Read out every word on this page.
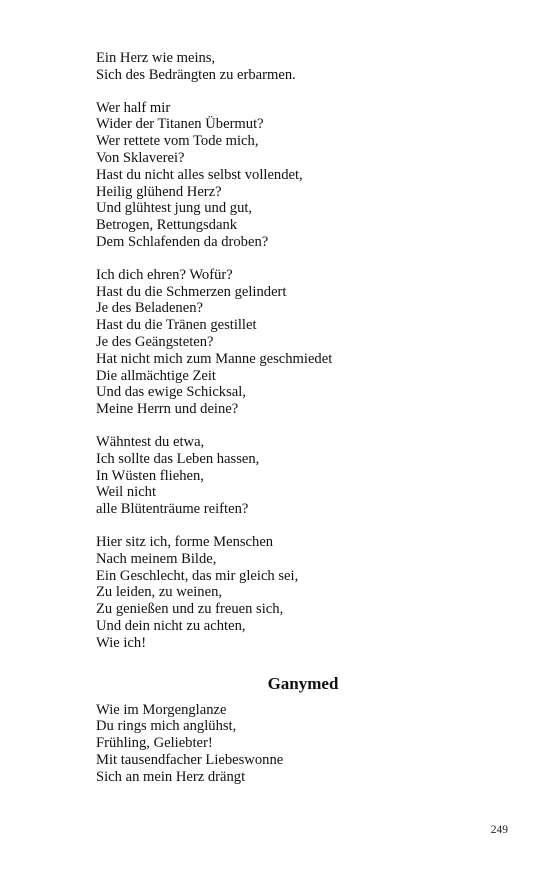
Ein Herz wie meins,
Sich des Bedrängten zu erbarmen.
Wer half mir
Wider der Titanen Übermut?
Wer rettete vom Tode mich,
Von Sklaverei?
Hast du nicht alles selbst vollendet,
Heilig glühend Herz?
Und glühtest jung und gut,
Betrogen, Rettungsdank
Dem Schlafenden da droben?
Ich dich ehren? Wofür?
Hast du die Schmerzen gelindert
Je des Beladenen?
Hast du die Tränen gestillet
Je des Geängsteten?
Hat nicht mich zum Manne geschmiedet
Die allmächtige Zeit
Und das ewige Schicksal,
Meine Herrn und deine?
Wähntest du etwa,
Ich sollte das Leben hassen,
In Wüsten fliehen,
Weil nicht
alle Blütenträume reiften?
Hier sitz ich, forme Menschen
Nach meinem Bilde,
Ein Geschlecht, das mir gleich sei,
Zu leiden, zu weinen,
Zu genießen und zu freuen sich,
Und dein nicht zu achten,
Wie ich!
Ganymed
Wie im Morgenglanze
Du rings mich anglühst,
Frühling, Geliebter!
Mit tausendfacher Liebeswonne
Sich an mein Herz drängt
249
